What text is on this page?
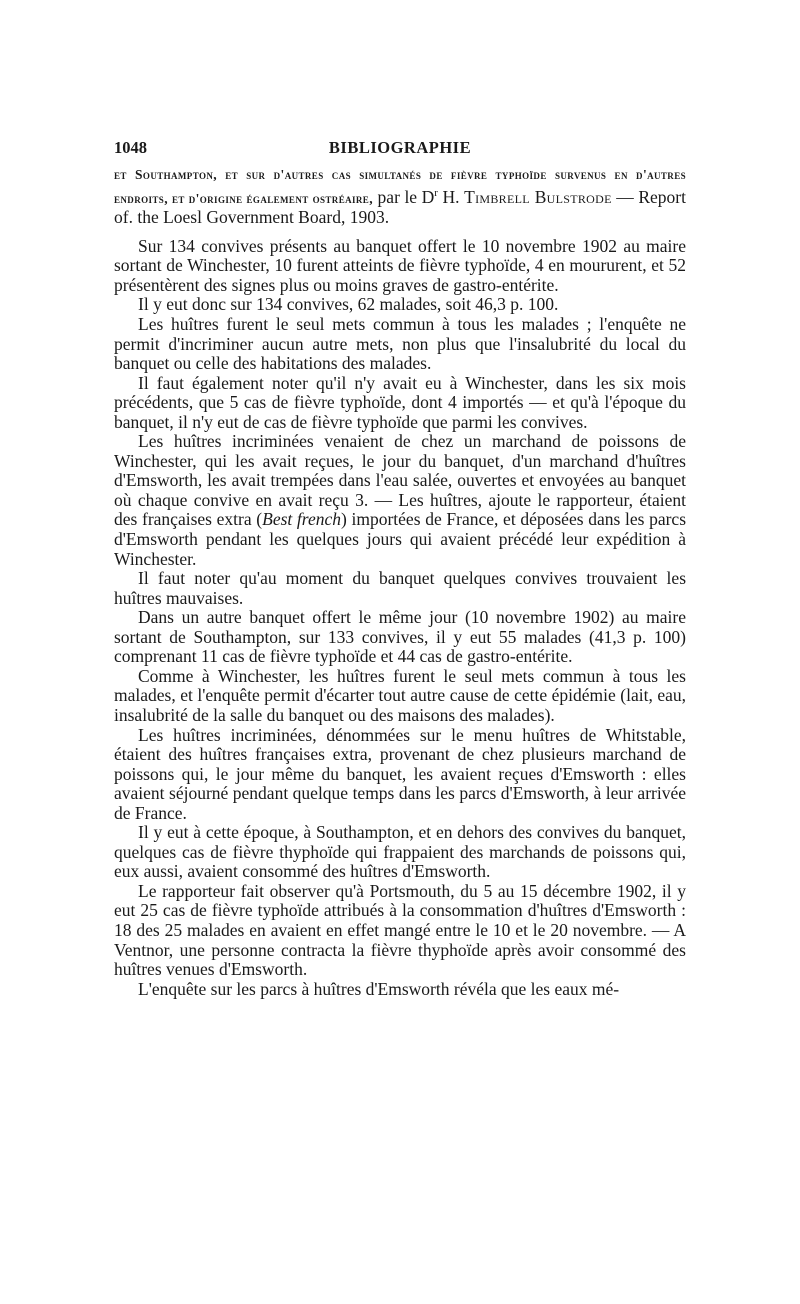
1048	BIBLIOGRAPHIE
et Southampton, et sur d'autres cas simultanés de fièvre typhoïde survenus en d'autres endroits, et d'origine également ostréaire, par le $D^r$ H. Timbrell Bulstrode — Report of. the Loesl Government Board, 1903.

Sur 134 convives présents au banquet offert le 10 novembre 1902 au maire sortant de Winchester, 10 furent atteints de fièvre typhoïde, 4 en moururent, et 52 présentèrent des signes plus ou moins graves de gastro-entérite.

Il y eut donc sur 134 convives, 62 malades, soit 46,3 p. 100.

Les huîtres furent le seul mets commun à tous les malades ; l'enquête ne permit d'incriminer aucun autre mets, non plus que l'insalubrité du local du banquet ou celle des habitations des malades.

Il faut également noter qu'il n'y avait eu à Winchester, dans les six mois précédents, que 5 cas de fièvre typhoïde, dont 4 importés — et qu'à l'époque du banquet, il n'y eut de cas de fièvre typhoïde que parmi les convives.

Les huîtres incriminées venaient de chez un marchand de poissons de Winchester, qui les avait reçues, le jour du banquet, d'un marchand d'huîtres d'Emsworth, les avait trempées dans l'eau salée, ouvertes et envoyées au banquet où chaque convive en avait reçu 3. — Les huîtres, ajoute le rapporteur, étaient des françaises extra (Best french) importées de France, et déposées dans les parcs d'Emsworth pendant les quelques jours qui avaient précédé leur expédition à Winchester.

Il faut noter qu'au moment du banquet quelques convives trouvaient les huîtres mauvaises.

Dans un autre banquet offert le même jour (10 novembre 1902) au maire sortant de Southampton, sur 133 convives, il y eut 55 malades (41,3 p. 100) comprenant 11 cas de fièvre typhoïde et 44 cas de gastro-entérite.

Comme à Winchester, les huîtres furent le seul mets commun à tous les malades, et l'enquête permit d'écarter tout autre cause de cette épidémie (lait, eau, insalubrité de la salle du banquet ou des maisons des malades).

Les huîtres incriminées, dénommées sur le menu huîtres de Whitstable, étaient des huîtres françaises extra, provenant de chez plusieurs marchand de poissons qui, le jour même du banquet, les avaient reçues d'Emsworth : elles avaient séjourné pendant quelque temps dans les parcs d'Emsworth, à leur arrivée de France.

Il y eut à cette époque, à Southampton, et en dehors des convives du banquet, quelques cas de fièvre thyphoïde qui frappaient des marchands de poissons qui, eux aussi, avaient consommé des huîtres d'Emsworth.

Le rapporteur fait observer qu'à Portsmouth, du 5 au 15 décembre 1902, il y eut 25 cas de fièvre typhoïde attribués à la consommation d'huîtres d'Emsworth : 18 des 25 malades en avaient en effet mangé entre le 10 et le 20 novembre. — A Ventnor, une personne contracta la fièvre thyphoïde après avoir consommé des huîtres venues d'Emsworth.

L'enquête sur les parcs à huîtres d'Emsworth révéla que les eaux mé-
